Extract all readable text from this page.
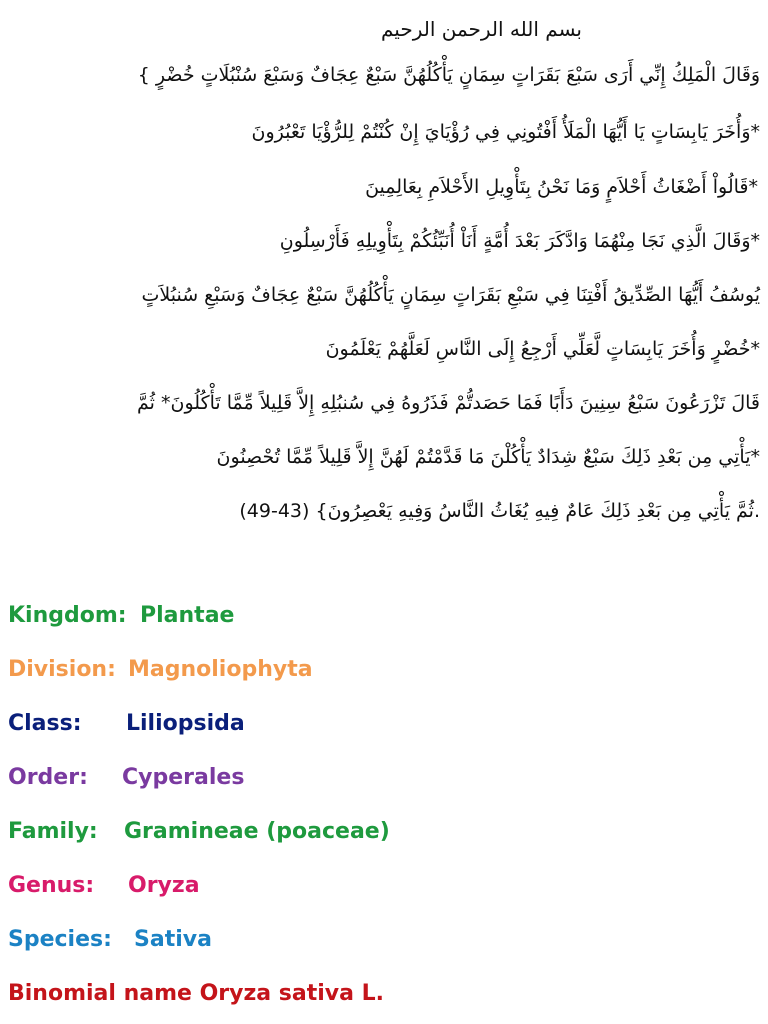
بسم الله الرحمن الرحيم
وَقَالَ الْمَلِكُ إِنِّي أَرَى سَبْعَ بَقَرَاتٍ سِمَانٍ يَأْكُلُهُنَّ سَبْعٌ عِجَافٌ وَسَبْعَ سُنْبُلَاتٍ خُضْرٍ }
*وَأُخَرَ يَابِسَاتٍ يَا أَيُّهَا الْمَلَأُ أَفْتُونِي فِي رُؤْيَايَ إِنْ كُنْتُمْ لِلرُّؤْيَا تَعْبُرُونَ
*قَالُواْ أَضْغَاثُ أَحْلاَمٍ وَمَا نَحْنُ بِتَأْوِيلِ الأَحْلاَمِ بِعَالِمِينَ
*وَقَالَ الَّذِي نَجَا مِنْهُمَا وَادَّكَرَ بَعْدَ أُمَّةٍ أَنَاْ أُنَبِّئُكُمْ بِتَأْوِيلِهِ فَأَرْسِلُونِ
يُوسُفُ أَيُّهَا الصِّدِّيقُ أَفْتِنَا فِي سَبْعِ بَقَرَاتٍ سِمَانٍ يَأْكُلُهُنَّ سَبْعٌ عِجَافٌ وَسَبْعِ سُنبُلاَتٍ
*خُضْرٍ وَأُخَرَ يَابِسَاتٍ لَّعَلِّي أَرْجِعُ إِلَى النَّاسِ لَعَلَّهُمْ يَعْلَمُونَ
قَالَ تَزْرَعُونَ سَبْعُ سِنِينَ دَأَبًا فَمَا حَصَدتُّمْ فَذَرُوهُ فِي سُنبُلِهِ إِلاَّ قَلِيلاً مِّمَّا تَأْكُلُونَ* ثُمَّ
*يَأْتِي مِن بَعْدِ ذَلِكَ سَبْعٌ شِدَادٌ يَأْكُلْنَ مَا قَدَّمْتُمْ لَهُنَّ إِلاَّ قَلِيلاً مِّمَّا تُحْصِنُونَ
.ثُمَّ يَأْتِي مِن بَعْدِ ذَلِكَ عَامٌ فِيهِ يُغَاثُ النَّاسُ وَفِيهِ يَعْصِرُونَ} (43-49)
Kingdom: Plantae
Division: Magnoliophyta
Class: Liliopsida
Order: Cyperales
Family: Gramineae (poaceae)
Genus: Oryza
Species: Sativa
Binomial name Oryza sativa L.
